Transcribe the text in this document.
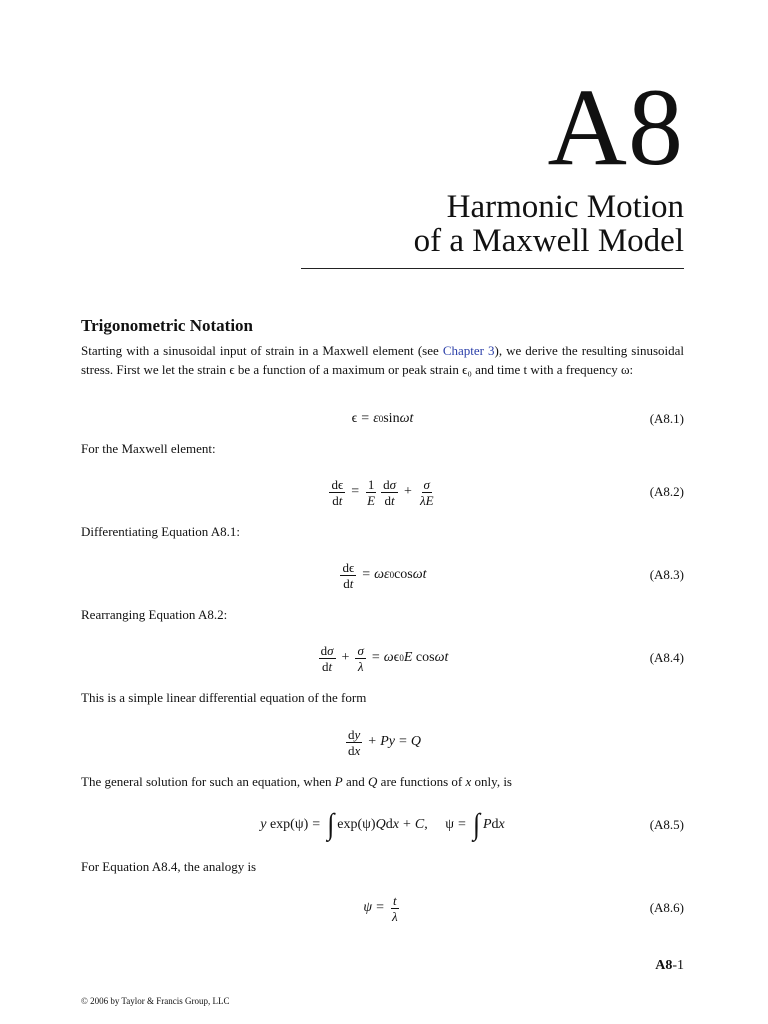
A8
Harmonic Motion
of a Maxwell Model
Trigonometric Notation
Starting with a sinusoidal input of strain in a Maxwell element (see Chapter 3), we derive the resulting sinusoidal stress. First we let the strain ϵ be a function of a maximum or peak strain ϵ₀ and time t with a frequency ω:
ϵ = ε 0 sin ωt	(A8.1)
For the Maxwell element:
$\frac{d\epsilon}{dt} = \frac{1}{E} \frac{d\sigma}{dt} + \frac{\sigma}{\lambda E}$	(A8.2)
Differentiating Equation A8.1:
$\frac{d\epsilon}{dt} = \omega\varepsilon$ 0 cos ωt	(A8.3)
Rearranging Equation A8.2:
$\frac{d\sigma}{dt} + \frac{\sigma}{\lambda} = \omega$ ϵ 0 E cos ωt	(A8.4)
This is a simple linear differential equation of the form
$\frac{dy}{dx} + Py = Q$
The general solution for such an equation, when P and Q are functions of x only, is
y exp(ψ) = ∫ exp(ψ) Q d x + C ,     ψ = ∫ P d x	(A8.5)
For Equation A8.4, the analogy is
$\psi = \frac{t}{\lambda}$	(A8.6)
A8-1
© 2006 by Taylor & Francis Group, LLC
